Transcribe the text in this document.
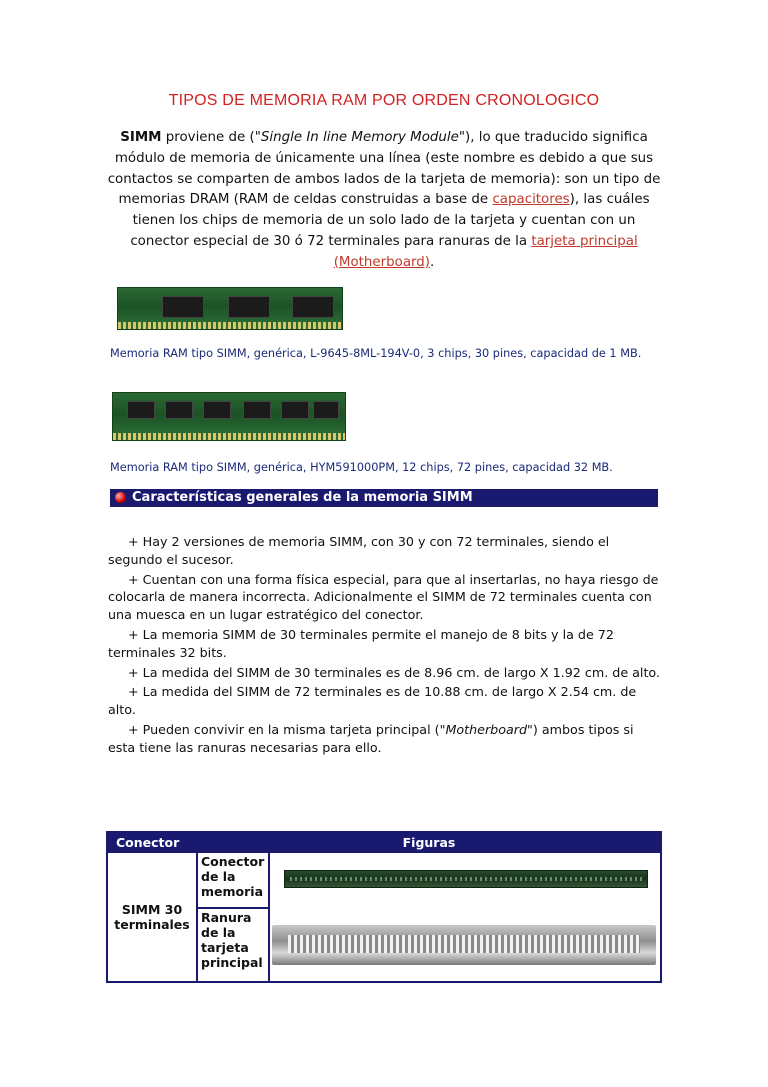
TIPOS DE MEMORIA RAM POR ORDEN CRONOLOGICO
SIMM proviene de ("Single In line Memory Module"), lo que traducido significa módulo de memoria de únicamente una línea (este nombre es debido a que sus contactos se comparten de ambos lados de la tarjeta de memoria): son un tipo de memorias DRAM (RAM de celdas construidas a base de capacitores), las cuáles tienen los chips de memoria de un solo lado de la tarjeta y cuentan con un conector especial de 30 ó 72 terminales para ranuras de la tarjeta principal (Motherboard).
Memoria RAM tipo SIMM, genérica, L-9645-8ML-194V-0, 3 chips, 30 pines, capacidad de 1 MB.
Memoria RAM tipo SIMM, genérica, HYM591000PM, 12 chips, 72 pines, capacidad 32 MB.
Características generales de la memoria SIMM

+ Hay 2 versiones de memoria SIMM, con 30 y con 72 terminales, siendo el segundo el sucesor.

+ Cuentan con una forma física especial, para que al insertarlas, no haya riesgo de colocarla de manera incorrecta. Adicionalmente el SIMM de 72 terminales cuenta con una muesca en un lugar estratégico del conector.

+ La memoria SIMM de 30 terminales permite el manejo de 8 bits y la de 72 terminales 32 bits.

+ La medida del SIMM de 30 terminales es de 8.96 cm. de largo X 1.92 cm. de alto.

+ La medida del SIMM de 72 terminales es de 10.88 cm. de largo X 2.54 cm. de alto.

+ Pueden convivir en la misma tarjeta principal ("Motherboard") ambos tipos si esta tiene las ranuras necesarias para ello.

Conector	Figuras	
SIMM 30 terminales	Conector de la memoria	
	Ranura de la tarjeta principal	
